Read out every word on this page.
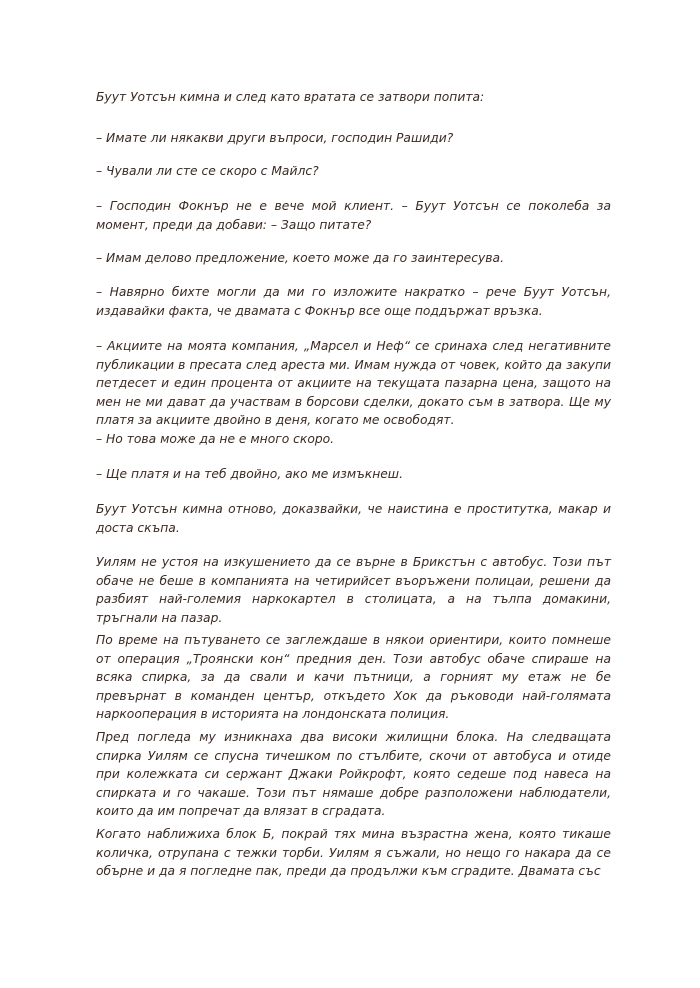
Буут Уотсън кимна и след като вратата се затвори попита:

– Имате ли някакви други въпроси, господин Рашиди?

– Чували ли сте се скоро с Майлс?

– Господин Фокнър не е вече мой клиент. – Буут Уотсън се поколеба за момент, преди да добави: – Защо питате?

– Имам делово предложение, което може да го заинтересува.

– Навярно бихте могли да ми го изложите накратко – рече Буут Уотсън, издавайки факта, че двамата с Фокнър все още поддържат връзка.

– Акциите на моята компания, „Марсел и Неф“ се сринаха след негативните публикации в пресата след ареста ми. Имам нужда от човек, който да закупи петдесет и един процента от акциите на текущата пазарна цена, защото на мен не ми дават да участвам в борсови сделки, докато съм в затвора. Ще му платя за акциите двойно в деня, когато ме освободят.

– Но това може да не е много скоро.

– Ще платя и на теб двойно, ако ме измъкнеш.

Буут Уотсън кимна отново, доказвайки, че наистина е проститутка, макар и доста скъпа.

Уилям не устоя на изкушението да се върне в Брикстън с автобус. Този път обаче не беше в компанията на четирийсет въоръжени полицаи, решени да разбият най-големия наркокартел в столицата, а на тълпа домакини, тръгнали на пазар.

По време на пътуването се заглеждаше в някои ориентири, които помнеше от операция „Троянски кон“ предния ден. Този автобус обаче спираше на всяка спирка, за да свали и качи пътници, а горният му етаж не бе превърнат в команден център, откъдето Хок да ръководи най-голямата наркооперация в историята на лондонската полиция.

Пред погледа му изникнаха два високи жилищни блока. На следващата спирка Уилям се спусна тичешком по стълбите, скочи от автобуса и отиде при колежката си сержант Джаки Ройкрофт, която седеше под навеса на спирката и го чакаше. Този път нямаше добре разположени наблюдатели, които да им попречат да влязат в сградата.

Когато наближиха блок Б, покрай тях мина възрастна жена, която тикаше количка, отрупана с тежки торби. Уилям я съжали, но нещо го накара да се обърне и да я погледне пак, преди да продължи към сградите. Двамата със
